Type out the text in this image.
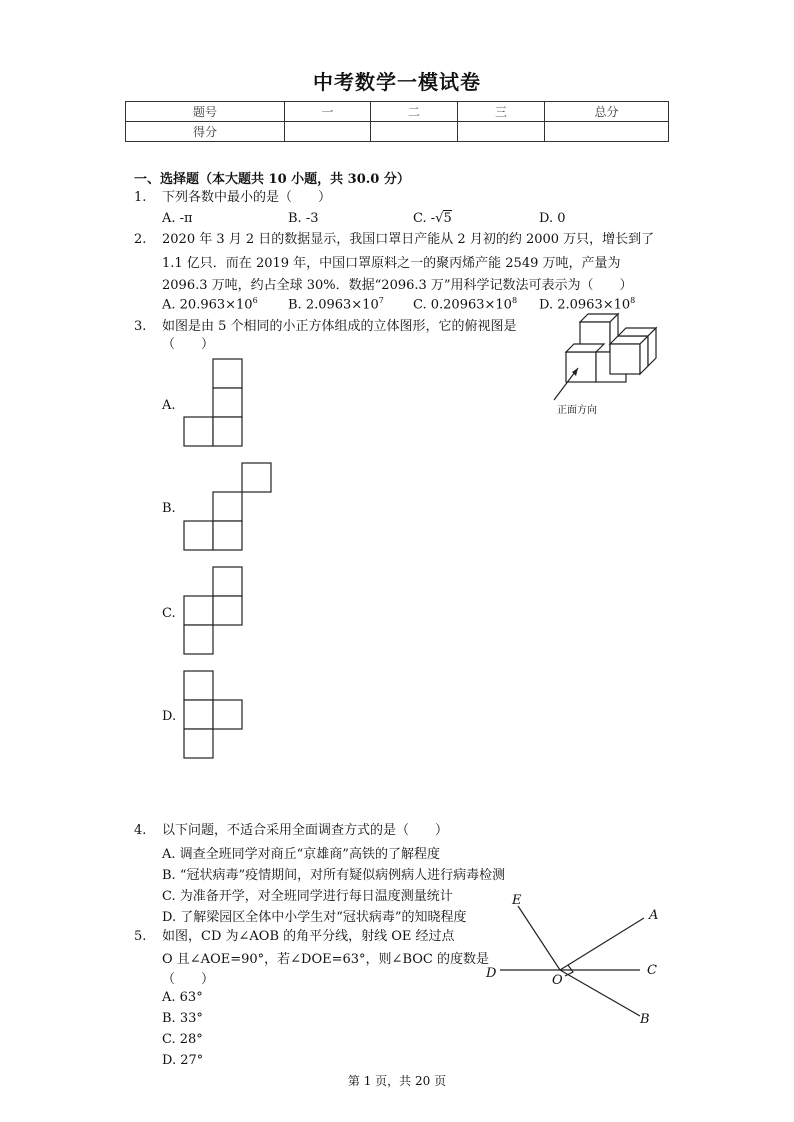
中考数学一模试卷
题号	一	二	三	总分
得分				
一、选择题（本大题共 10 小题，共 30.0 分）
1.	下列各数中最小的是（　　）
A. -π	B. -3	C. -√5	D. 0
2.	2020 年 3 月 2 日的数据显示，我国口罩日产能从 2 月初的约 2000 万只，增长到了
1.1 亿只．而在 2019 年，中国口罩原料之一的聚丙烯产能 2549 万吨，产量为
2096.3 万吨，约占全球 30%．数据“2096.3 万”用科学记数法可表示为（　　）
A. $20.963\times 10^6$ B. $2.0963\times 10^7$ C. $0.20963\times 10^8$ D. $2.0963\times 10^8$
3.	如图是由 5 个相同的小正方体组成的立体图形，它的俯视图是
（　　）
正面方向
A.
B.
C.
D.
4.	以下问题，不适合采用全面调查方式的是（　　）
A. 调查全班同学对商丘“京雄商”高铁的了解程度
B. “冠状病毒”疫情期间，对所有疑似病例病人进行病毒检测
C. 为准备开学，对全班同学进行每日温度测量统计
D. 了解梁园区全体中小学生对“冠状病毒”的知晓程度
5.	如图，CD 为∠AOB 的角平分线，射线 OE 经过点
O 且∠AOE=90°，若∠DOE=63°，则∠BOC 的度数是
（　　）
A. 63°
B. 33°
C. 28°
D. 27°
E
A
D	C
O
B
第 1 页，共 20 页
